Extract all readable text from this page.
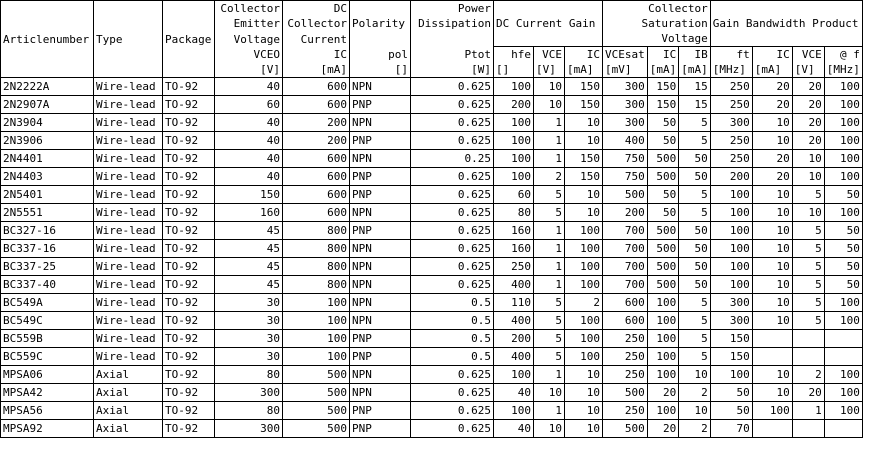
Articlenumber	Type	Package	Collector	DC		Power				Collector						
			Emitter	Collector	Polarity	Dissipation	DC Current Gain			Saturation			Gain Bandwidth Product			
			Voltage	Current						Voltage						
			VCEO	IC	pol	Ptot	hfe	VCE	IC	VCEsat	IC	IB	ft	IC	VCE	@ f
			[V]	[mA]	[]	[W]	[]	[V]	[mA]	[mV]	[mA]	[mA]	[MHz]	[mA]	[V]	[MHz]
2N2222A	Wire-lead	TO-92	40	600	NPN	0.625	100	10	150	300	150	15	250	20	20	100
2N2907A	Wire-lead	TO-92	60	600	PNP	0.625	200	10	150	300	150	15	250	20	20	100
2N3904	Wire-lead	TO-92	40	200	NPN	0.625	100	1	10	300	50	5	300	10	20	100
2N3906	Wire-lead	TO-92	40	200	PNP	0.625	100	1	10	400	50	5	250	10	20	100
2N4401	Wire-lead	TO-92	40	600	NPN	0.25	100	1	150	750	500	50	250	20	10	100
2N4403	Wire-lead	TO-92	40	600	PNP	0.625	100	2	150	750	500	50	200	20	10	100
2N5401	Wire-lead	TO-92	150	600	PNP	0.625	60	5	10	500	50	5	100	10	5	50
2N5551	Wire-lead	TO-92	160	600	NPN	0.625	80	5	10	200	50	5	100	10	10	100
BC327-16	Wire-lead	TO-92	45	800	PNP	0.625	160	1	100	700	500	50	100	10	5	50
BC337-16	Wire-lead	TO-92	45	800	NPN	0.625	160	1	100	700	500	50	100	10	5	50
BC337-25	Wire-lead	TO-92	45	800	NPN	0.625	250	1	100	700	500	50	100	10	5	50
BC337-40	Wire-lead	TO-92	45	800	NPN	0.625	400	1	100	700	500	50	100	10	5	50
BC549A	Wire-lead	TO-92	30	100	NPN	0.5	110	5	2	600	100	5	300	10	5	100
BC549C	Wire-lead	TO-92	30	100	NPN	0.5	400	5	100	600	100	5	300	10	5	100
BC559B	Wire-lead	TO-92	30	100	PNP	0.5	200	5	100	250	100	5	150			
BC559C	Wire-lead	TO-92	30	100	PNP	0.5	400	5	100	250	100	5	150			
MPSA06	Axial	TO-92	80	500	NPN	0.625	100	1	10	250	100	10	100	10	2	100
MPSA42	Axial	TO-92	300	500	NPN	0.625	40	10	10	500	20	2	50	10	20	100
MPSA56	Axial	TO-92	80	500	PNP	0.625	100	1	10	250	100	10	50	100	1	100
MPSA92	Axial	TO-92	300	500	PNP	0.625	40	10	10	500	20	2	70			
